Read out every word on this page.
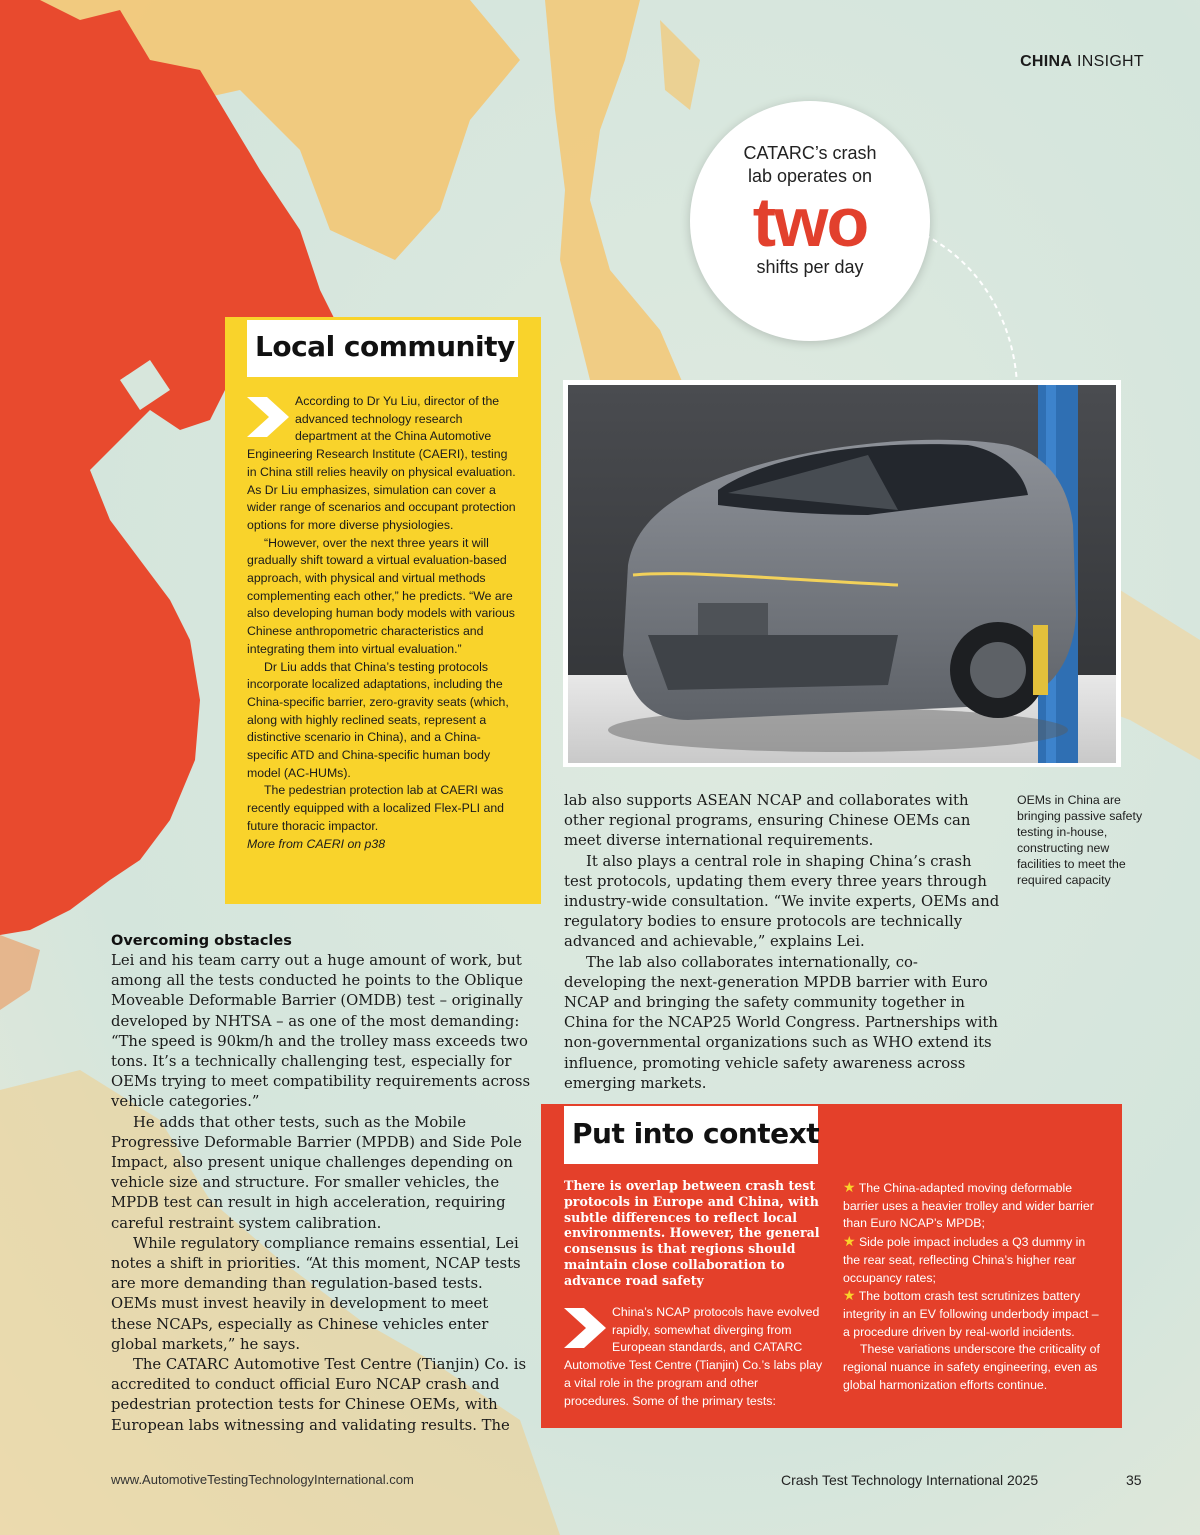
CHINA INSIGHT
CATARC’s crash lab operates on
two
shifts per day
Local community

According to Dr Yu Liu, director of the advanced technology research department at the China Automotive Engineering Research Institute (CAERI), testing in China still relies heavily on physical evaluation. As Dr Liu emphasizes, simulation can cover a wider range of scenarios and occupant protection options for more diverse physiologies.

“However, over the next three years it will gradually shift toward a virtual evaluation-based approach, with physical and virtual methods complementing each other,” he predicts. “We are also developing human body models with various Chinese anthropometric characteristics and integrating them into virtual evaluation.”

Dr Liu adds that China’s testing protocols incorporate localized adaptations, including the China-specific barrier, zero-gravity seats (which, along with highly reclined seats, represent a distinctive scenario in China), and a China-specific ATD and China-specific human body model (AC-HUMs).

The pedestrian protection lab at CAERI was recently equipped with a localized Flex-PLI and future thoracic impactor.

More from CAERI on p38

OEMs in China are bringing passive safety testing in-house, constructing new facilities to meet the required capacity
Overcoming obstacles

Lei and his team carry out a huge amount of work, but among all the tests conducted he points to the Oblique Moveable Deformable Barrier (OMDB) test – originally developed by NHTSA – as one of the most demanding: “The speed is 90km/h and the trolley mass exceeds two tons. It’s a technically challenging test, especially for OEMs trying to meet compatibility requirements across vehicle categories.”

He adds that other tests, such as the Mobile Progressive Deformable Barrier (MPDB) and Side Pole Impact, also present unique challenges depending on vehicle size and structure. For smaller vehicles, the MPDB test can result in high acceleration, requiring careful restraint system calibration.

While regulatory compliance remains essential, Lei notes a shift in priorities. “At this moment, NCAP tests are more demanding than regulation-based tests. OEMs must invest heavily in development to meet these NCAPs, especially as Chinese vehicles enter global markets,” he says.

The CATARC Automotive Test Centre (Tianjin) Co. is accredited to conduct official Euro NCAP crash and pedestrian protection tests for Chinese OEMs, with European labs witnessing and validating results. The

lab also supports ASEAN NCAP and collaborates with other regional programs, ensuring Chinese OEMs can meet diverse international requirements.

It also plays a central role in shaping China’s crash test protocols, updating them every three years through industry-wide consultation. “We invite experts, OEMs and regulatory bodies to ensure protocols are technically advanced and achievable,” explains Lei.

The lab also collaborates internationally, co-developing the next-generation MPDB barrier with Euro NCAP and bringing the safety community together in China for the NCAP25 World Congress. Partnerships with non-governmental organizations such as WHO extend its influence, promoting vehicle safety awareness across emerging markets.

Put into context
There is overlap between crash test protocols in Europe and China, with subtle differences to reflect local environments. However, the general consensus is that regions should maintain close collaboration to advance road safety
China’s NCAP protocols have evolved rapidly, somewhat diverging from European standards, and CATARC Automotive Test Centre (Tianjin) Co.’s labs play a vital role in the program and other procedures. Some of the primary tests:

★ The China-adapted moving deformable barrier uses a heavier trolley and wider barrier than Euro NCAP’s MPDB;

★ Side pole impact includes a Q3 dummy in the rear seat, reflecting China’s higher rear occupancy rates;

★ The bottom crash test scrutinizes battery integrity in an EV following underbody impact – a procedure driven by real-world incidents.

These variations underscore the criticality of regional nuance in safety engineering, even as global harmonization efforts continue.

www.AutomotiveTestingTechnologyInternational.com	Crash Test Technology International 2025	35
